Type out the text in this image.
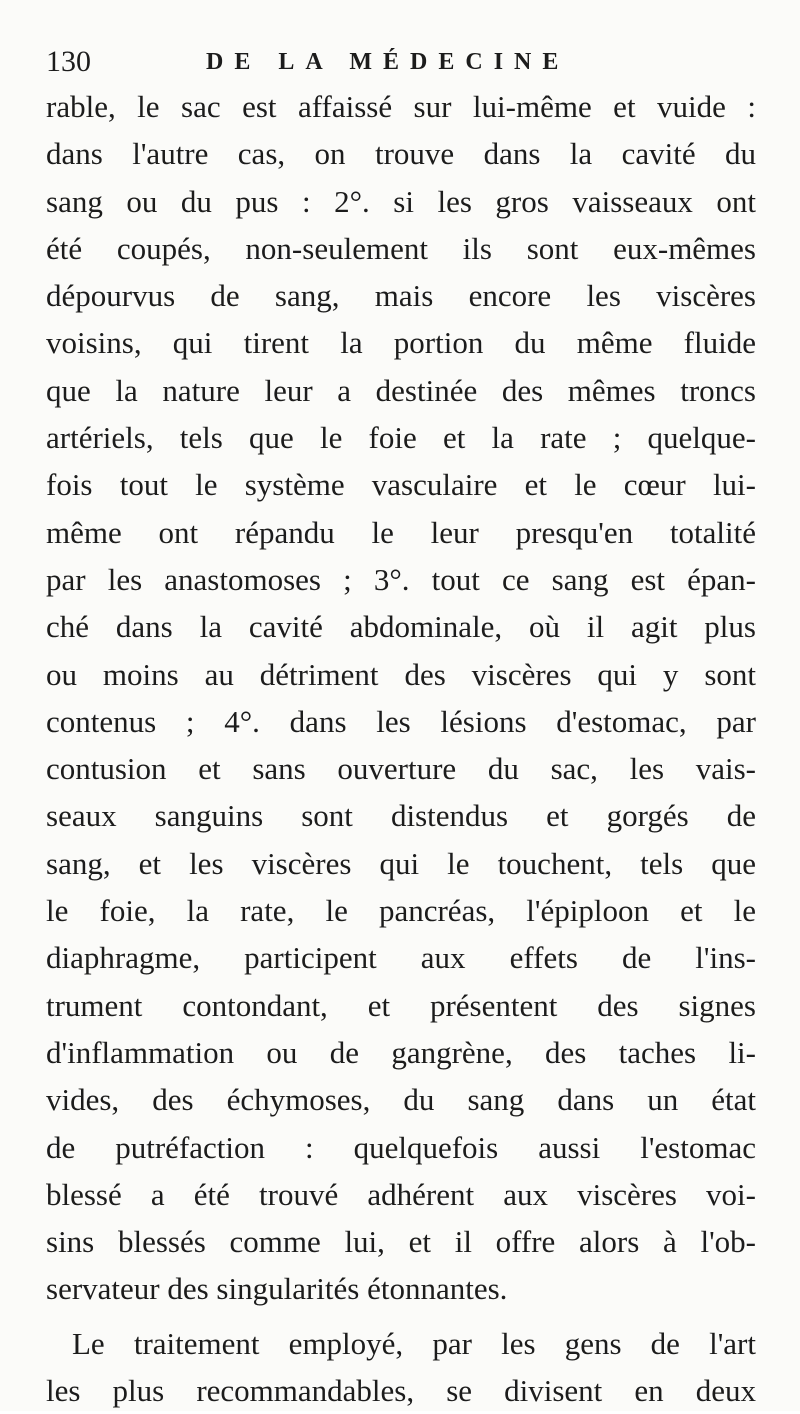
130	DE LA MÉDECINE
rable, le sac est affaissé sur lui-même et vuide :
dans l'autre cas, on trouve dans la cavité du
sang ou du pus : 2°. si les gros vaisseaux ont
été coupés, non-seulement ils sont eux-mêmes
dépourvus de sang, mais encore les viscères
voisins, qui tirent la portion du même fluide
que la nature leur a destinée des mêmes troncs
artériels, tels que le foie et la rate ; quelque-
fois tout le système vasculaire et le cœur lui-
même ont répandu le leur presqu'en totalité
par les anastomoses ; 3°. tout ce sang est épan-
ché dans la cavité abdominale, où il agit plus
ou moins au détriment des viscères qui y sont
contenus ; 4°. dans les lésions d'estomac, par
contusion et sans ouverture du sac, les vais-
seaux sanguins sont distendus et gorgés de
sang, et les viscères qui le touchent, tels que
le foie, la rate, le pancréas, l'épiploon et le
diaphragme, participent aux effets de l'ins-
trument contondant, et présentent des signes
d'inflammation ou de gangrène, des taches li-
vides, des échymoses, du sang dans un état
de putréfaction : quelquefois aussi l'estomac
blessé a été trouvé adhérent aux viscères voi-
sins blessés comme lui, et il offre alors à l'ob-
servateur des singularités étonnantes.
Le traitement employé, par les gens de l'art
les plus recommandables, se divisent en deux
